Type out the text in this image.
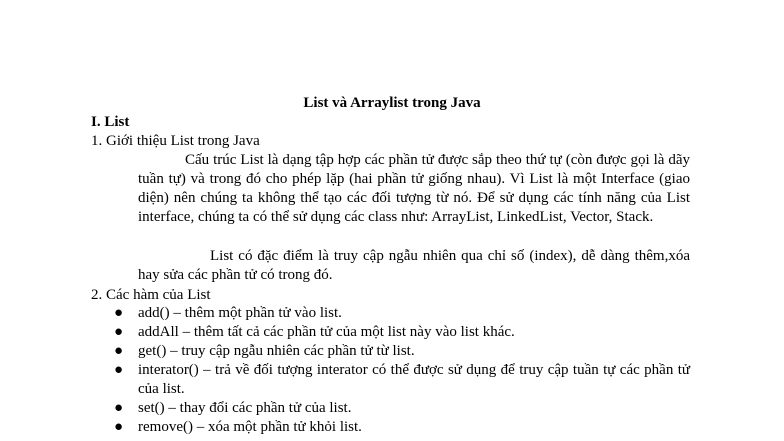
List và Arraylist trong Java
I. List
1. Giới thiệu List trong Java
Cấu trúc List là dạng tập hợp các phần tử được sắp theo thứ tự (còn được gọi là dãy tuần tự) và trong đó cho phép lặp (hai phần tử giống nhau). Vì List là một Interface (giao diện) nên chúng ta không thể tạo các đối tượng từ nó. Để sử dụng các tính năng của List interface, chúng ta có thể sử dụng các class như: ArrayList, LinkedList, Vector, Stack.
List có đặc điểm là truy cập ngẫu nhiên qua chỉ số (index), dễ dàng thêm,xóa hay sửa các phần tử có trong đó.
2. Các hàm của List
● add() – thêm một phần tử vào list.
● addAll – thêm tất cả các phần tử của một list này vào list khác.
● get() – truy cập ngẫu nhiên các phần tử từ list.
● interator() – trả về đối tượng interator có thể được sử dụng để truy cập tuần tự các phần tử của list.
● set() – thay đổi các phần tử của list.
● remove() – xóa một phần tử khỏi list.
